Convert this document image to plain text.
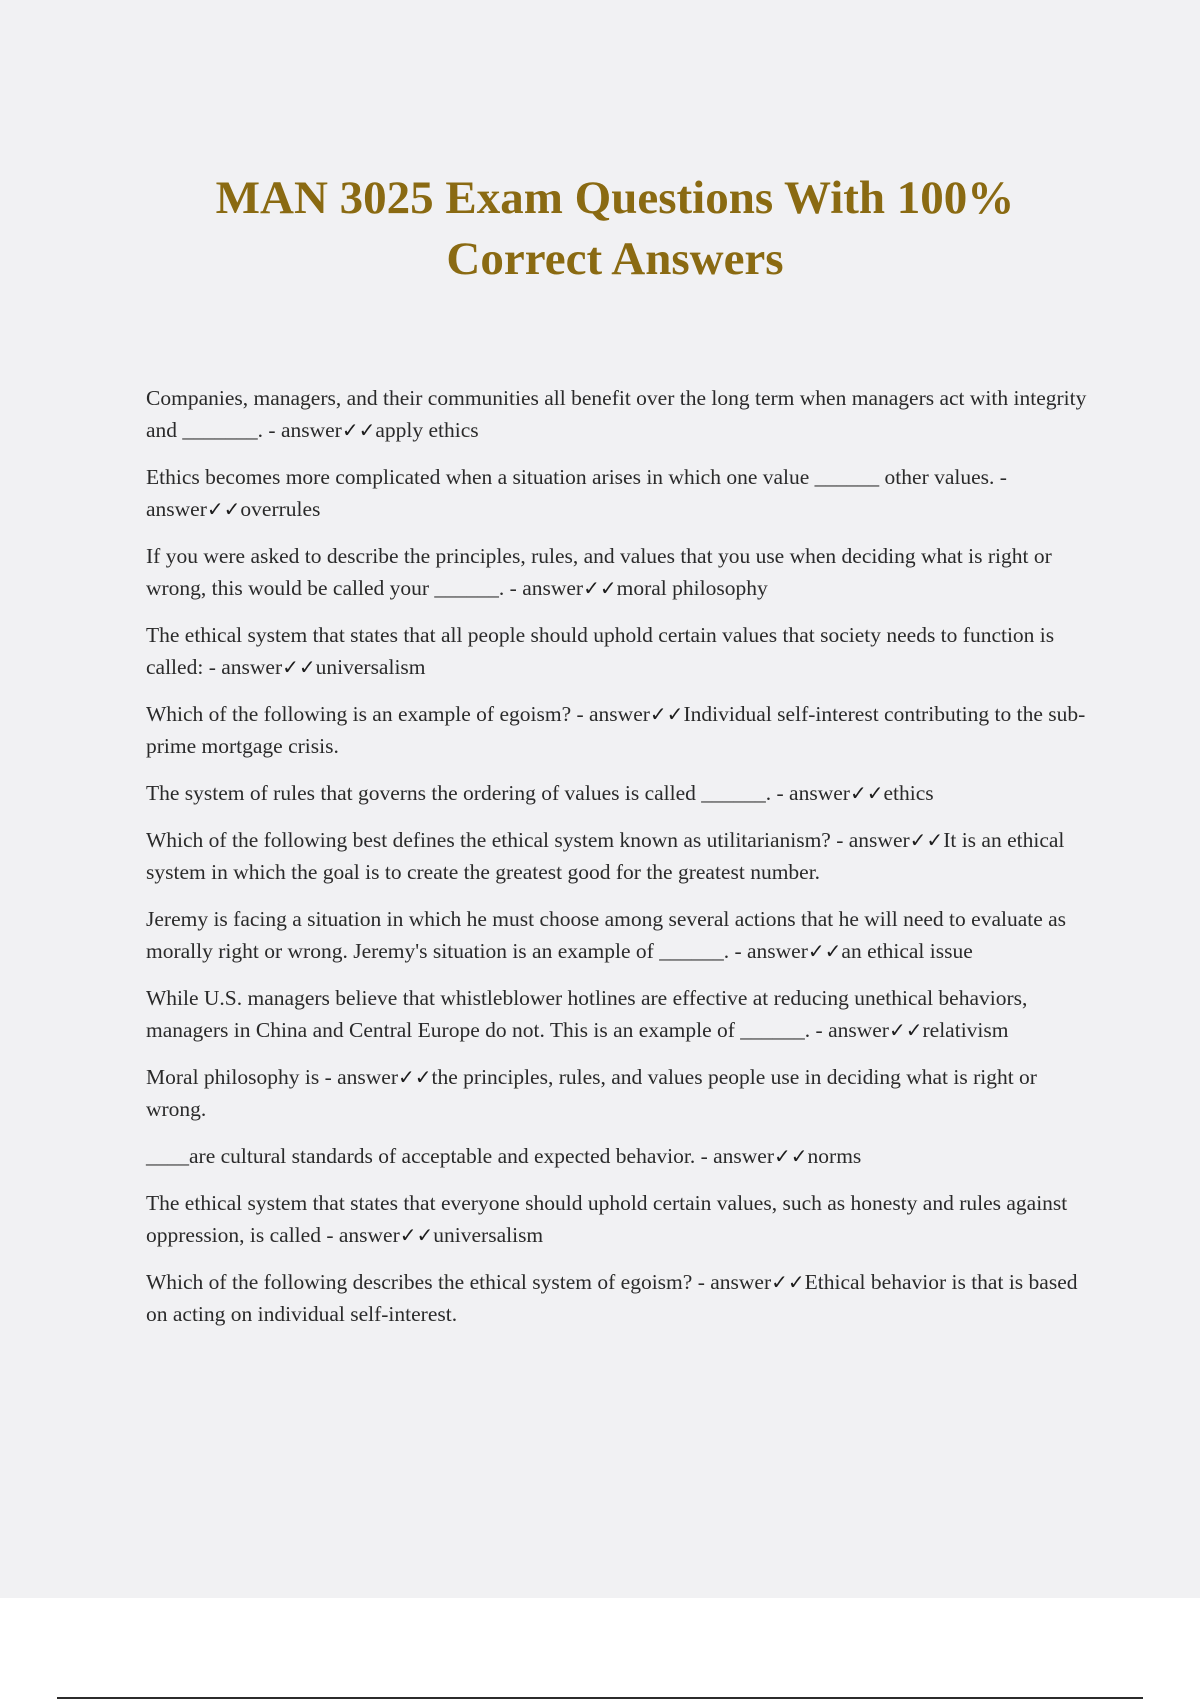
MAN 3025 Exam Questions With 100% Correct Answers
Companies, managers, and their communities all benefit over the long term when managers act with integrity and _______. - answer✓✓apply ethics
Ethics becomes more complicated when a situation arises in which one value ______ other values. - answer✓✓overrules
If you were asked to describe the principles, rules, and values that you use when deciding what is right or wrong, this would be called your ______. - answer✓✓moral philosophy
The ethical system that states that all people should uphold certain values that society needs to function is called: - answer✓✓universalism
Which of the following is an example of egoism? - answer✓✓Individual self-interest contributing to the sub-prime mortgage crisis.
The system of rules that governs the ordering of values is called ______. - answer✓✓ethics
Which of the following best defines the ethical system known as utilitarianism? - answer✓✓It is an ethical system in which the goal is to create the greatest good for the greatest number.
Jeremy is facing a situation in which he must choose among several actions that he will need to evaluate as morally right or wrong. Jeremy's situation is an example of ______. - answer✓✓an ethical issue
While U.S. managers believe that whistleblower hotlines are effective at reducing unethical behaviors, managers in China and Central Europe do not. This is an example of ______. - answer✓✓relativism
Moral philosophy is - answer✓✓the principles, rules, and values people use in deciding what is right or wrong.
____are cultural standards of acceptable and expected behavior. - answer✓✓norms
The ethical system that states that everyone should uphold certain values, such as honesty and rules against oppression, is called - answer✓✓universalism
Which of the following describes the ethical system of egoism? - answer✓✓Ethical behavior is that is based on acting on individual self-interest.
